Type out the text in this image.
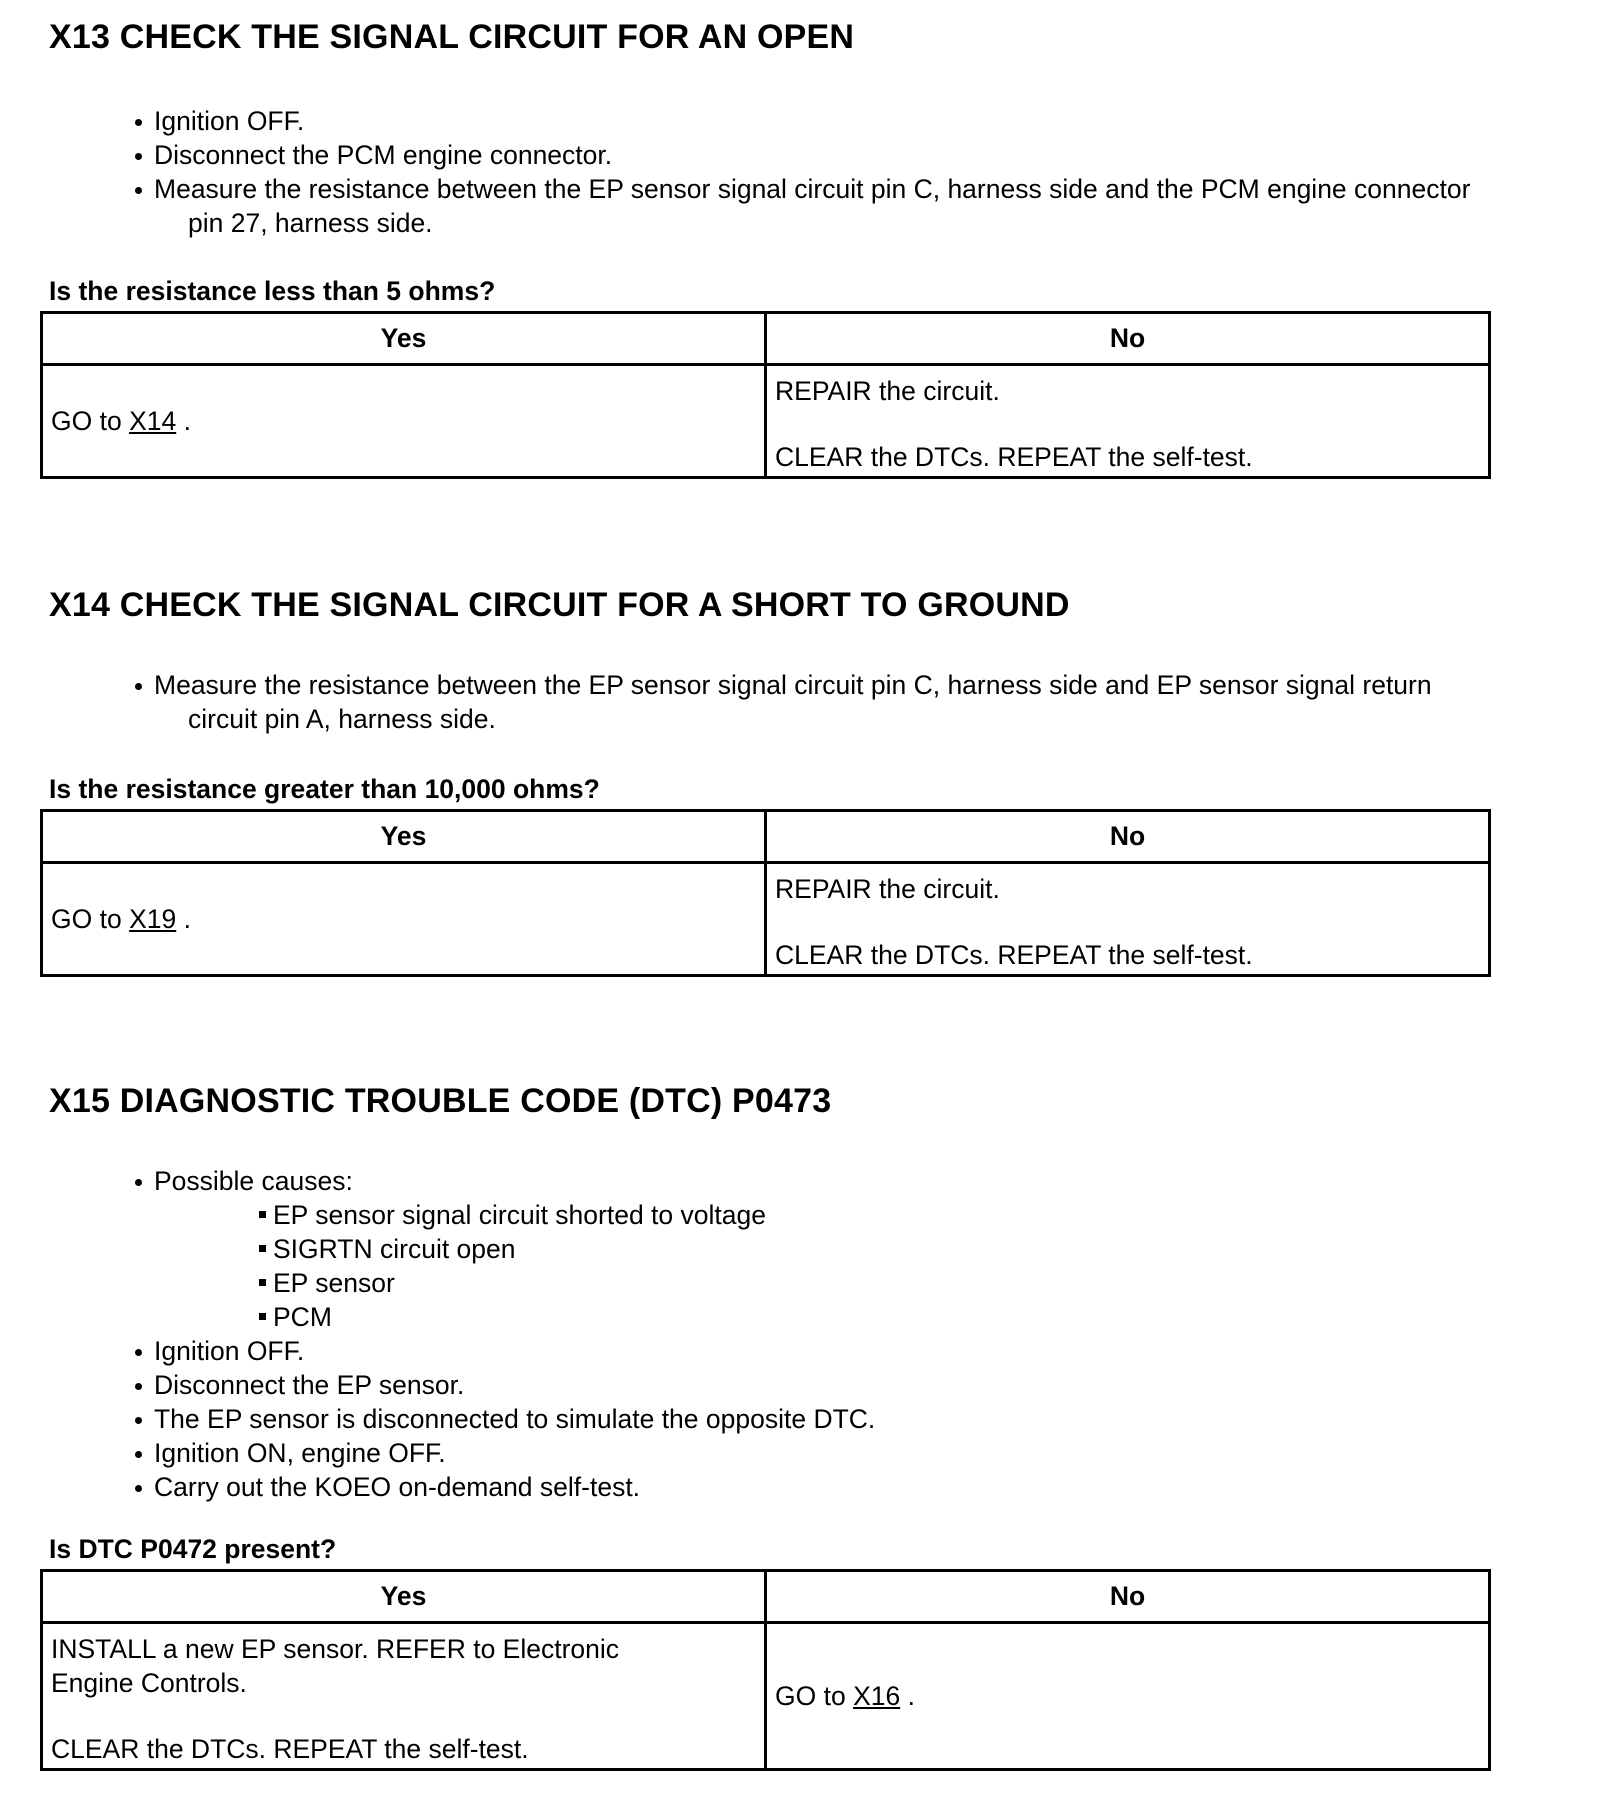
X13 CHECK THE SIGNAL CIRCUIT FOR AN OPEN
Ignition OFF.
Disconnect the PCM engine connector.
Measure the resistance between the EP sensor signal circuit pin C, harness side and the PCM engine connector
pin 27, harness side.

Is the resistance less than 5 ohms?

Yes	No
GO to X14 .	REPAIR the circuit.
CLEAR the DTCs. REPEAT the self-test.
X14 CHECK THE SIGNAL CIRCUIT FOR A SHORT TO GROUND
Measure the resistance between the EP sensor signal circuit pin C, harness side and EP sensor signal return
circuit pin A, harness side.

Is the resistance greater than 10,000 ohms?

Yes	No
GO to X19 .	REPAIR the circuit.
CLEAR the DTCs. REPEAT the self-test.
X15 DIAGNOSTIC TROUBLE CODE (DTC) P0473
Possible causes:
EP sensor signal circuit shorted to voltage
SIGRTN circuit open
EP sensor
PCM
Ignition OFF.
Disconnect the EP sensor.
The EP sensor is disconnected to simulate the opposite DTC.
Ignition ON, engine OFF.
Carry out the KOEO on-demand self-test.

Is DTC P0472 present?

Yes	No

INSTALL a new EP sensor. REFER to Electronic
Engine Controls.
CLEAR the DTCs. REPEAT the self-test.	GO to X16 .
